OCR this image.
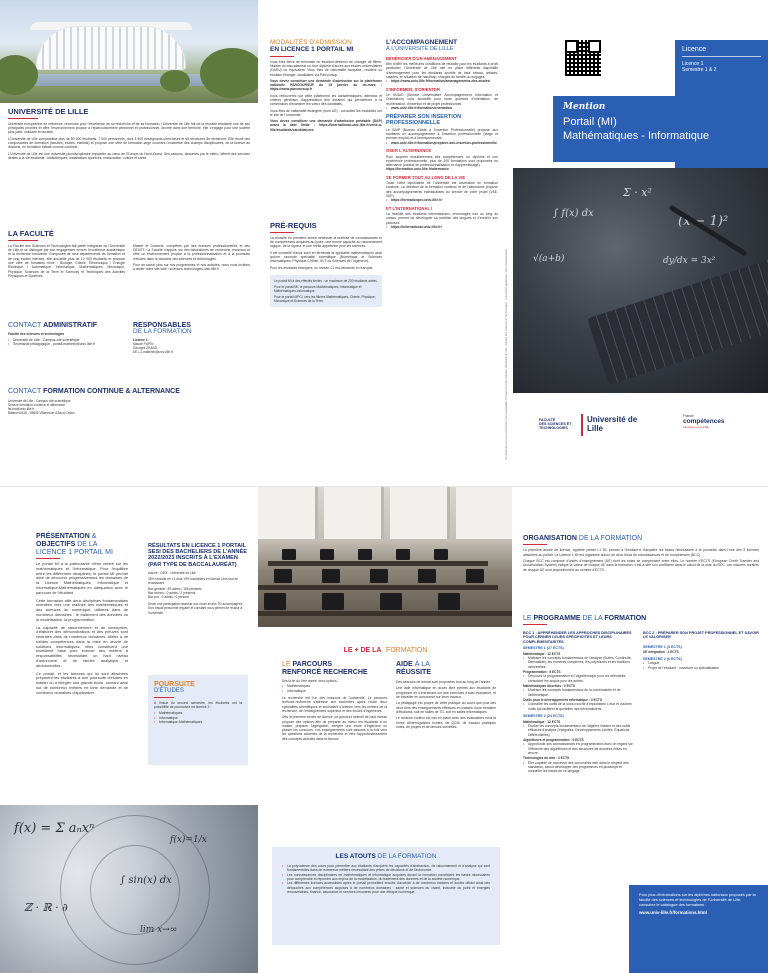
UNIVERSITÉ DE LILLE

Université européenne de référence, reconnue pour l'excellence de sa recherche et de sa formation, l'Université de Lille fait de la réussite étudiante une de ses principales priorités et offre l'environnement propice à l'épanouissement personnel et professionnel. Ancrée dans son territoire, elle s'engage pour une société plus juste, solidaire et durable.

L'Université de Lille comptabilise plus de 80 000 étudiants, 7 000 personnels, dont 3 600 enseignants-chercheurs et 66 structures de recherche. Elle réunit des composantes de formation (facultés, écoles, instituts) et propose une offre de formation large couvrant l'ensemble des champs disciplinaires, de la licence au doctorat, en formation initiale comme continue.

L'Université de Lille est une université pluridisciplinaire implantée au cœur de l'Europe du Nord-Ouest. Ses campus, desservis par le métro, offrent des services dédiés à la vie étudiante : bibliothèques, installations sportives, restauration, culture et santé.

LA FACULTÉ

La Faculté des Sciences et Technologies fait partie intégrante de l'Université de Lille et se distingue par son engagement envers l'excellence académique et la recherche innovante. Composée de neuf départements de formation et de cinq écoles internes, elle accueille plus de 10 000 étudiants et propose une offre de formation riche : Biologie, Chimie, Électronique / Énergie Électrique / Automatique, Informatique, Mathématiques, Mécanique, Physique, Sciences de la Terre et Sciences et Techniques des Activités Physiques et Sportives.

Master et Doctorat, complétés par des licences professionnelles et des DEUST. La Faculté s'appuie sur des laboratoires de recherche reconnus et offre un environnement propice à la professionnalisation et à la poursuite d'études dans le domaine des sciences et technologies.

Pour en savoir plus sur nos programmes et nos activités, nous vous invitons à visiter notre site web : sciences-technologies.univ-lille.fr

CONTACT ADMINISTRATIF
Faculté des sciences et technologies
• Université de Lille - Campus cité scientifique
• Secrétariat pédagogique - portail-mathinfo@univ-lille.fr
RESPONSABLES
DE LA FORMATION
Licence 1 :
Maude PUPIN
Georges ZHANG
DE-L1-mathinfo@univ-lille.fr
CONTACT FORMATION CONTINUE & ALTERNANCE
Université de Lille - Campus cité scientifique
Service formation continue et alternance
fst-fca@univ-lille.fr
Bâtiment A18 - 59655 Villeneuve d'Ascq Cedex
MODALITÉS D'ADMISSION
EN LICENCE 1 PORTAIL MI

Vous êtes élève de terminale ou étudiant désireux de changer de filière, titulaire du baccalauréat ou d'un diplôme d'accès aux études universitaires (DAEU) ou équivalent. Vous êtes de nationalité française, résident ou étudiant étranger, candidatez via Parcoursup.

Vous devez constituer une demande d'admission sur la plateforme nationale PARCOURSUP du 15 janvier au mi-mars : https://www.parcoursup.fr

Vous retrouverez sur cette plateforme les caractéristiques, attendus et critères généraux d'appréciation des dossiers qui permettront à la commission d'examiner les vœux des candidats.

Vous êtes de nationalité étrangère (hors UE) : consultez les modalités sur le site de l'université.

Vous devez constituer une demande d'admission préalable (DAP) avant la date limite : https://international.univ-lille.fr/venir-a-lille/etudiants/candidatures

PRÉ-REQUIS

La réussite en première année nécessite la maîtrise de connaissances et de compétences acquises au lycée, une bonne capacité au raisonnement logique, de la rigueur et une réelle appétence pour les sciences.

Il est conseillé d'avoir suivi en terminale la spécialité mathématiques ainsi qu'une seconde spécialité scientifique (Numérique et Sciences Informatiques, Physique-Chimie, SVT ou Sciences de l'ingénieur).

Pour les étudiants étrangers, un niveau C1 est demandé en français.

Le portail MI à des effectifs limités : un maximum de 200 étudiants admis.

Pour le portail MI, le parcours Mathématiques, Informatique et Mathématiques-Informatique.

Pour le portail MPCI, vers les filières Mathématiques, Chimie, Physique, Mécanique et Sciences de la Terre.

L'ACCOMPAGNEMENT
À L'UNIVERSITÉ DE LILLE
BÉNÉFICIER D'UN AMÉNAGEMENT

Afin d'offrir les meilleures conditions de réussite pour les étudiants à profil particulier, l'Université de Lille met en place différents dispositifs d'aménagement pour les étudiants sportifs de haut niveau, artistes, salariés, en situation de handicap, chargés de famille ou engagés.

• https://www.univ-lille.fr/formation/amenagements-des-etudes/
S'INFORMER, S'ORIENTER

Le SUAIO (Service Universitaire Accompagnement Information et Orientation) vous accueille pour toute question d'orientation, de réorientation, d'insertion et de projet professionnel.

• www.univ-lille.fr/formation/orientation
PRÉPARER SON INSERTION PROFESSIONNELLE

Le BAIP (Bureau d'Aide à l'Insertion Professionnelle) propose aux étudiants un accompagnement à l'insertion professionnelle (stage et premier emploi) et à l'entrepreneuriat.

• www.univ-lille.fr/formation/preparer-son-insertion-professionnelle
OSER L'ALTERNANCE

Pour acquérir simultanément des compétences, un diplôme et une expérience professionnelle, plus de 200 formations sont proposées en alternance (contrat de professionnalisation et d'apprentissage).

https://formation.univ-lille.fr/alternance

SE FORMER TOUT AU LONG DE LA VIE

Toute l'offre diplômante de l'université est accessible en formation continue. La direction de la formation continue et de l'alternance propose des accompagnements individualisés au service de votre projet (VAE, VAP).

• https://formationpro.univ-lille.fr/
ET L'INTERNATIONAL !

La mobilité des étudiants internationaux, encouragée tout au long du cursus, permet de développer sa maîtrise des langues et d'enrichir son parcours.

• https://international.univ-lille.fr/
Ce document est non contractuel. Il est susceptible d'évoluer en cours d'année. Université de Lille - Faculté des Sciences et Technologies - Conception graphique : pôle communication.
Licence
Licence 1
Semestre 1 & 2
Mention
Portail (MI)
Mathématiques - Informatique
Σ · x²
(x − 1)²
∫ f(x) dx
dy/dx = 3x²
√(a+b)
FACULTÉ
DES SCIENCES ET
TECHNOLOGIES
Université de Lille
France
compétences
Financé par le FSE
PRÉSENTATION &
OBJECTIFS DE LA
LICENCE 1 PORTAIL MI

Le portail MI a la particularité d'être centré sur les mathématiques et l'informatique. Pour l'équilibre entre les différentes disciplines, le portail MI permet ainsi de découvrir progressivement les domaines de la Licence Mathématiques, Informatique et Informatique-Mathématiques en adéquation avec le parcours de l'étudiant.

Cette formation allie deux disciplines fondamentales orientées vers une maîtrise des mathématiques et des sciences du numérique, utilisées dans de nombreux domaines : le traitement des données ou la modélisation, la programmation.

La capacité de raisonnement et de conception, d'élaborer des démonstrations et des preuves sont centrales dans de nombreux domaines. Allées à de solides compétences dans la mise en œuvre de solutions informatiques, elles constituent une excellente base pour exercer des métiers à responsabilités nécessitant un haut niveau d'autonomie et de faculté analytique et décisionnelles.

Ce portail, et les licences qui lui sont attachées préparent les étudiants à une poursuite d'études en master ou à intégrer une grande école, ouvrant ainsi sur de nombreux métiers en forte demande et de nombreux domaines d'application.

RÉSULTATS EN LICENCE 1 PORTAIL SESI DES BACHELIERS DE L'ANNÉE 2022/2023 INSCRITS À L'EXAMEN (PAR TYPE DE BACCALAURÉAT)
source : ODiF - Université de Lille
35% réussite en L1 dont 19% bacheliers en licence Unis tout en réussissent.
Bac général : 59 admis / 166 présents
Bac techno : 0 admis / 2 présents
Bac pro : 0 admis / 0 présent

Seule une participation assidue aux cours et aux TD accompagnée d'un travail personnel régulier et constant vous permet de réussir à l'université.

POURSUITE
D'ÉTUDES

À l'issue du second semestre, les étudiants ont la possibilité de poursuivre en licence 2 :

• Mathématiques
• Informatique
• Informatique-Mathématiques
f(x) = Σ aₙxⁿ
∫ sin(x) dx
ℤ · ℝ · ∂
lim x→∞
f(x)=1/x
LE + DE LA FORMATION
LE PARCOURS
RENFORCÉ RECHERCHE
Dès la fin du 1ère année, deux options :
• Mathématiques
• Informatique

Le recherche est l'un des missions de l'université. Le parcours renforcé-recherche s'adresse aux bacheliers ayant choisi deux spécialités scientifiques et souhaitant s'orienter vers les métiers de la recherche, de l'enseignement supérieur et des écoles d'ingénieurs.

Dès la première année de licence, ce parcours sélectif de haut niveau propose des options afin de préparer au mieux les étudiants à un master, préparer l'agrégation, intégrer une école d'ingénieur ou passer les concours. Les enseignements sont assurés à la fois vers les questions actuelles de la recherche et vers l'approfondissement des concepts abordés dans la licence.

AIDE À LA
RÉUSSITE

Des séances de tutorat sont proposées tout au long de l'année.

Une aide informatique en accès libre permet aux étudiants de progresser en s'entraînant sur des exercices d'auto-évaluation, et de travailler en autonomie sur leurs travaux.

La pédagogie est propre de cette pratique au cours que plus des deux tiers des enseignements effectués en classes d'une trentaine d'étudiants, soit en salles de TD, soit en salles informatiques.

Le contrôle continu est mis en place avec des évaluations sous la forme d'interrogations écrites, de QCM, de travaux pratiques notés, de projets et de devoirs surveillés.

LES ATOUTS DE LA FORMATION
• La polyvalence des cours pour permettre aux étudiants d'acquérir les capacités d'abstraction, de raisonnement et d'analyse qui sont fondamentales dans de nombreux métiers nécessitant des prises de décisions et de l'autonomie.
• Les connaissances disciplinaires en mathématiques et informatique acquises durant la formation constituent les bases nécessaires pour comprendre et répondre aux enjeux de la modélisation, du traitement des données et de la société numérique.
• Les différentes licences accessibles après le portail permettent ensuite d'accéder à de nombreux masters et écoles offrant ainsi des débouchés aux compétences acquises à de nombreux domaines : santé et sciences du vivant, industrie du point et énergies renouvelables, finance, assurance et services innovants pour une éthique numérique.
ORGANISATION DE LA FORMATION

La première année de licence, appelée portail L1 MI, permet à l'étudiant·e d'acquérir les bases nécessaires à la poursuite dans l'une des 3 licences attachées au portail. La Licence 1 MI est organisée autour de deux blocs de connaissances et de compétences (BCC).

Chaque BCC est composé d'unités d'enseignement (UE) dont les notes se compensent entre elles. Le nombre d'ECTS (European Credit Transfer and Accumulation System) indique la valeur de chaque UE dans la formation, c'est-à-dire son coefficient dans le calcul de la note du BCC. Les volumes horaires de chaque UE sont proportionnels au nombre d'ECTS.

LE PROGRAMME DE LA FORMATION
BCC 1 : APPRÉHENDER LES APPROCHES DISCIPLINAIRES POUR CERNER LEURS SPÉCIFICITÉS ET LEURS COMPLÉMENTARITÉS
SEMESTRE 1 (27 ECTS)
Mathématique : 12 ECTS
• Maîtriser les concepts fondamentaux de l'analyse (Suites, Continuité, Dérivabilité), les nombres complexes, les polynômes et les fractions rationnelles.
Programmation : 9 ECTS
• Découvrir la programmation et l'algorithmique pour les débutants, consolider les acquis pour les autres.
Mathématiques discrètes : 3 ECTS
• Maîtriser les concepts fondamentaux de la combinatoire et de l'arithmétique.
Outils pour le développement informatique : 3 ECTS
• Connaître les outils de la sous-couche d'exploitation Linux et d'autres outils qui facilitent le quotidien des informaticiens.
SEMESTRE 2 (24 ECTS)
Mathématique : 12 ECTS
• Étudier les concepts fondamentaux de l'algèbre linéaire et des outils efficaces d'analyse (Intégrales, Développements Limités, Équations Différentielles).
Algorithmes et programmation : 9 ECTS
• Approfondir ses connaissances en programmation avec un regard sur l'efficacité des algorithmes et des structures de données mises en œuvre.
Technologies du web : 3 ECTS
• Être capable de concevoir des documents web dans le respect des standards, savoir développer des programmes en javascript et connaître les bases de ce langage.
BCC 2 : PRÉPARER SON PROJET PROFESSIONNEL ET SAVOIR LE VALORISER
SEMESTRE 1 (3 ECTS)
UE intégration : 3 ECTS
SEMESTRE 2 (6 ECTS)
• Langue
• Projet de l'étudiant : ouverture ou spécialisation

Pour plus d'informations sur les diplômes nationaux proposés par la faculté des sciences et technologies de l'Université de Lille, consultez le catalogue des formations :

www.univ-lille.fr/formations.html
